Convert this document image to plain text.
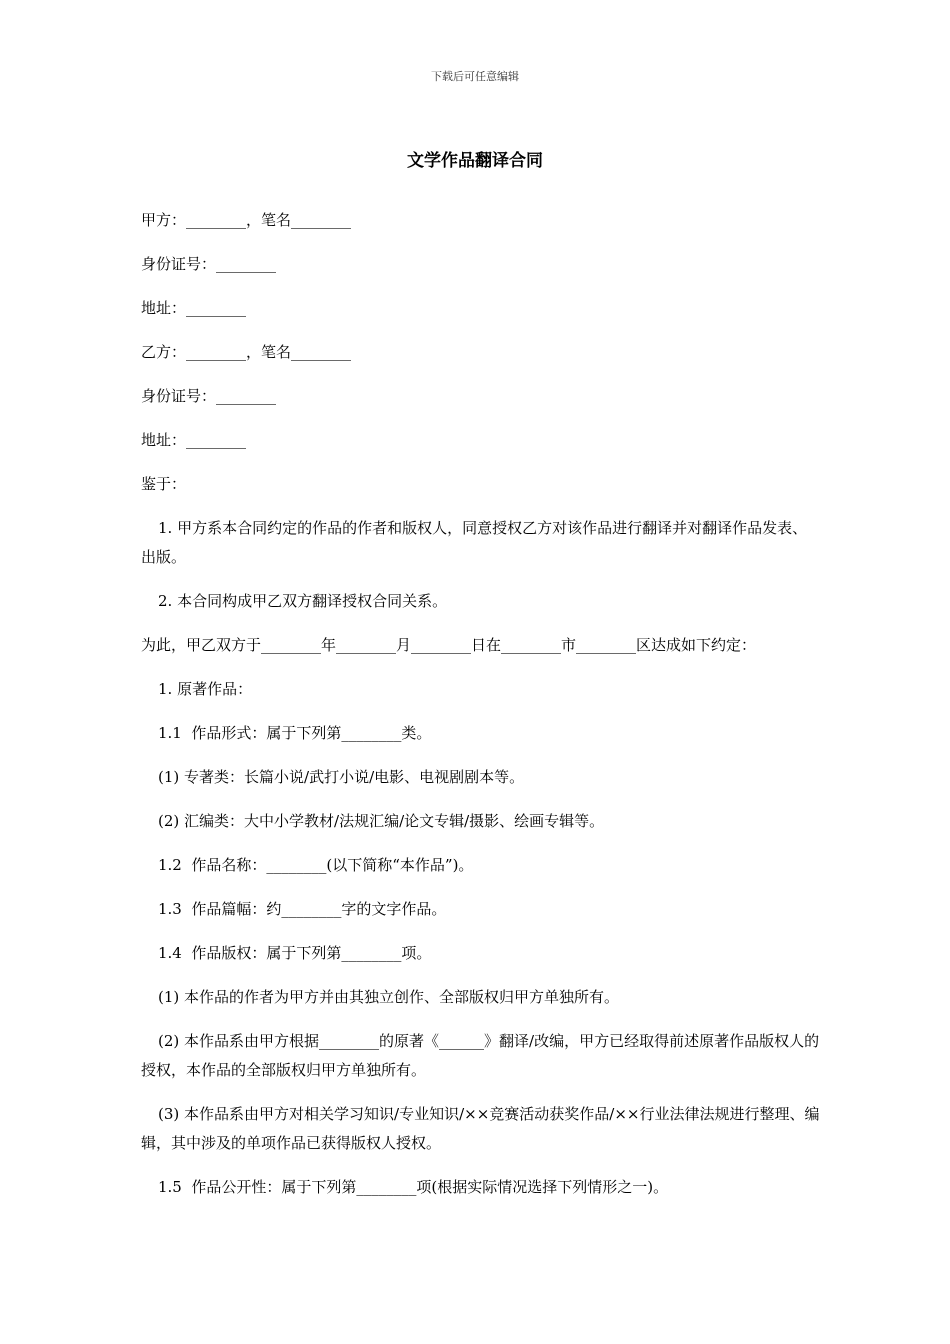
下载后可任意编辑
文学作品翻译合同

甲方：________，笔名________

身份证号：________

地址：________

乙方：________，笔名________

身份证号：________

地址：________

鉴于：

1. 甲方系本合同约定的作品的作者和版权人，同意授权乙方对该作品进行翻译并对翻译作品发表、出版。

2. 本合同构成甲乙双方翻译授权合同关系。

为此，甲乙双方于________年________月________日在________市________区达成如下约定：

1. 原著作品：

1.1  作品形式：属于下列第________类。

(1) 专著类：长篇小说/武打小说/电影、电视剧剧本等。

(2) 汇编类：大中小学教材/法规汇编/论文专辑/摄影、绘画专辑等。

1.2  作品名称：________(以下简称“本作品”)。

1.3  作品篇幅：约________字的文字作品。

1.4  作品版权：属于下列第________项。

(1) 本作品的作者为甲方并由其独立创作、全部版权归甲方单独所有。

(2) 本作品系由甲方根据________的原著《______》翻译/改编，甲方已经取得前述原著作品版权人的授权，本作品的全部版权归甲方单独所有。

(3) 本作品系由甲方对相关学习知识/专业知识/××竞赛活动获奖作品/××行业法律法规进行整理、编辑，其中涉及的单项作品已获得版权人授权。

1.5  作品公开性：属于下列第________项(根据实际情况选择下列情形之一)。
